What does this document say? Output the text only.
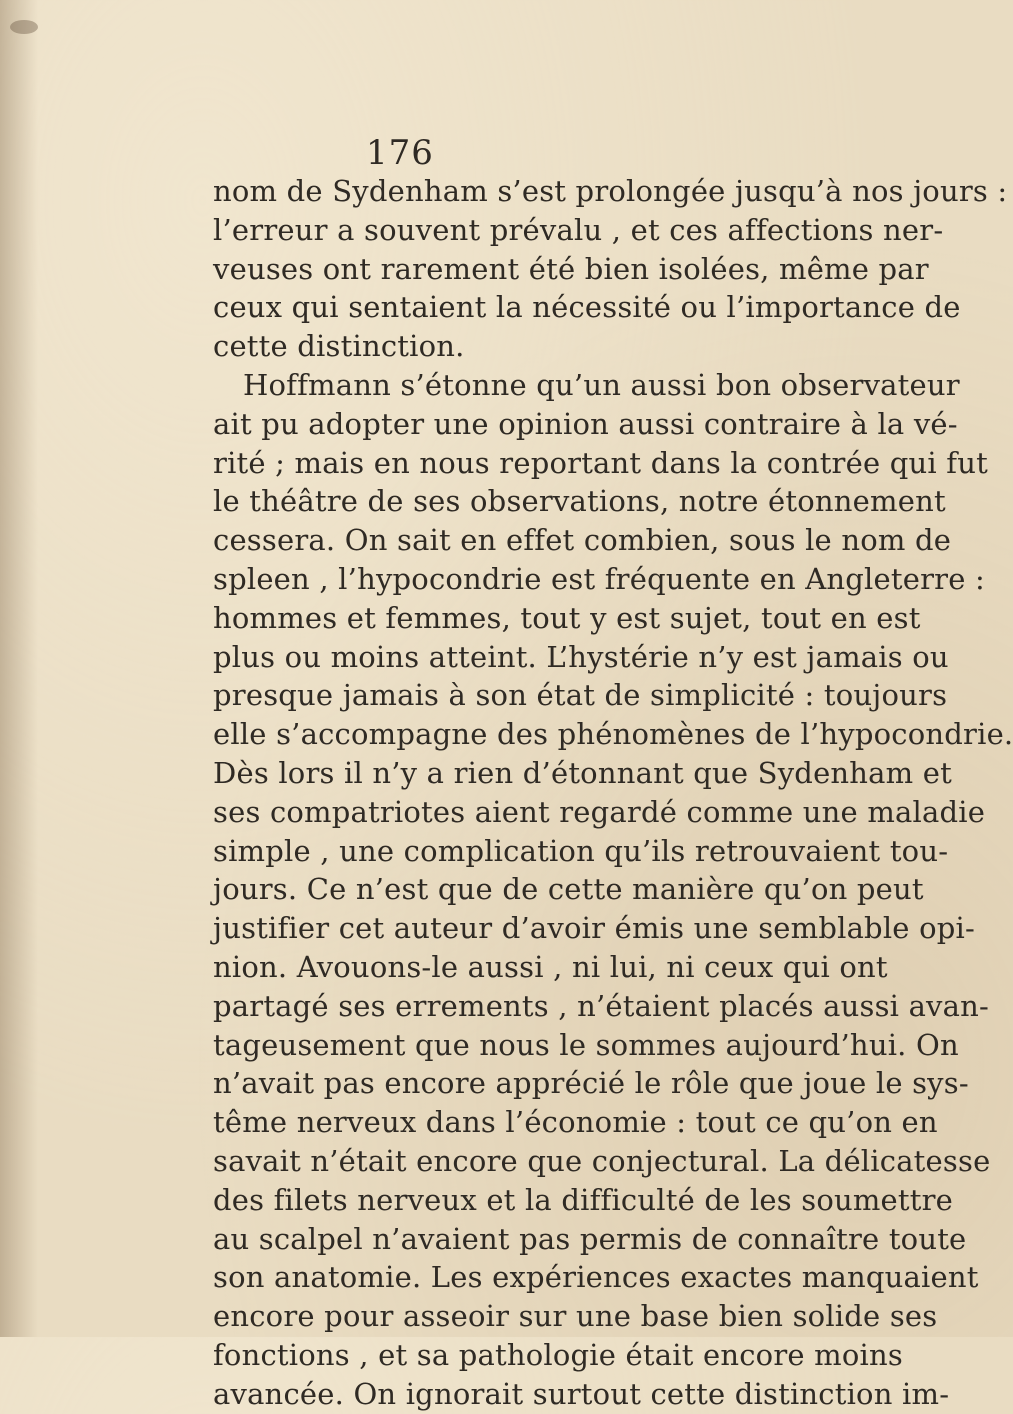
176
nom de Sydenham s’est prolongée jusqu’à nos jours :
l’erreur a souvent prévalu , et ces affections ner-
veuses ont rarement été bien isolées, même par
ceux qui sentaient la nécessité ou l’importance de
cette distinction.
Hoffmann s’étonne qu’un aussi bon observateur
ait pu adopter une opinion aussi contraire à la vé-
rité ; mais en nous reportant dans la contrée qui fut
le théâtre de ses observations, notre étonnement
cessera. On sait en effet combien, sous le nom de
spleen , l’hypocondrie est fréquente en Angleterre :
hommes et femmes, tout y est sujet, tout en est
plus ou moins atteint. L’hystérie n’y est jamais ou
presque jamais à son état de simplicité : toujours
elle s’accompagne des phénomènes de l’hypocondrie.
Dès lors il n’y a rien d’étonnant que Sydenham et
ses compatriotes aient regardé comme une maladie
simple , une complication qu’ils retrouvaient tou-
jours. Ce n’est que de cette manière qu’on peut
justifier cet auteur d’avoir émis une semblable opi-
nion. Avouons-le aussi , ni lui, ni ceux qui ont
partagé ses errements , n’étaient placés aussi avan-
tageusement que nous le sommes aujourd’hui. On
n’avait pas encore apprécié le rôle que joue le sys-
tême nerveux dans l’économie : tout ce qu’on en
savait n’était encore que conjectural. La délicatesse
des filets nerveux et la difficulté de les soumettre
au scalpel n’avaient pas permis de connaître toute
son anatomie. Les expériences exactes manquaient
encore pour asseoir sur une base bien solide ses
fonctions , et sa pathologie était encore moins
avancée. On ignorait surtout cette distinction im-
